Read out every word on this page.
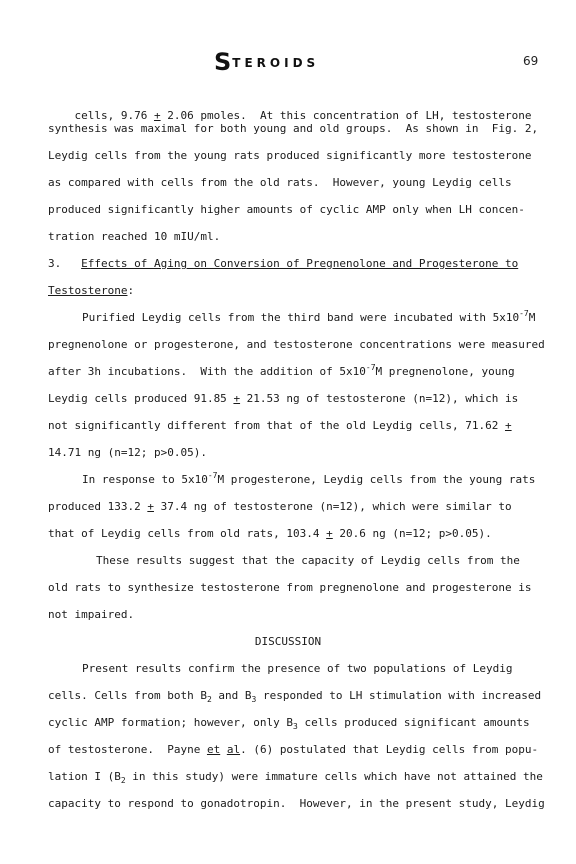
STEROIDS	69

cells, 9.76 + 2.06 pmoles.  At this concentration of LH, testosterone

synthesis was maximal for both young and old groups.  As shown in  Fig. 2,
Leydig cells from the young rats produced significantly more testosterone
as compared with cells from the old rats.  However, young Leydig cells
produced significantly higher amounts of cyclic AMP only when LH concen-
tration reached 10 mIU/ml.
3. Effects of Aging on Conversion of Pregnenolone and Progesterone to
Testosterone:
Purified Leydig cells from the third band were incubated with $5x10^{-7}M$
pregnenolone or progesterone, and testosterone concentrations were measured
after 3h incubations.  With the addition of $5x10^{-7}M$ pregnenolone, young
Leydig cells produced 91.85 + 21.53 ng of testosterone (n=12), which is
not significantly different from that of the old Leydig cells, 71.62 +
14.71 ng (n=12; p>0.05).
In response to $5x10^{-7}M$ progesterone, Leydig cells from the young rats
produced 133.2 + 37.4 ng of testosterone (n=12), which were similar to
that of Leydig cells from old rats, 103.4 + 20.6 ng (n=12; p>0.05).
These results suggest that the capacity of Leydig cells from the
old rats to synthesize testosterone from pregnenolone and progesterone is
not impaired.
DISCUSSION
Present results confirm the presence of two populations of Leydig
cells. Cells from both $B_2$ and $B_3$ responded to LH stimulation with increased
cyclic AMP formation; however, only $B_3$ cells produced significant amounts
of testosterone.  Payne et al. (6) postulated that Leydig cells from popu-
lation I ($B_2$ in this study) were immature cells which have not attained the
capacity to respond to gonadotropin.  However, in the present study, Leydig
